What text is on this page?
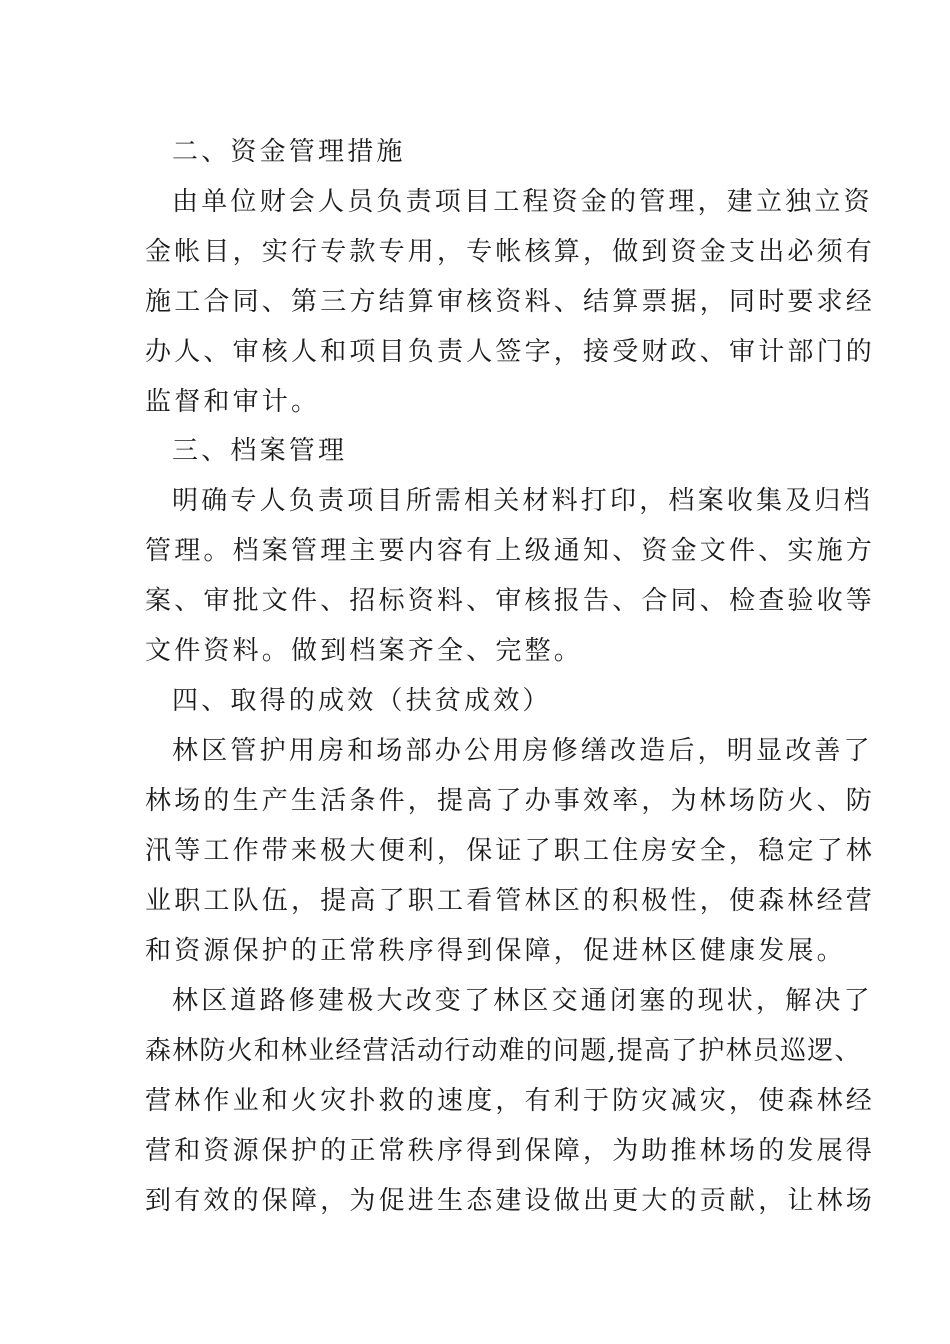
二、资金管理措施
由单位财会人员负责项目工程资金的管理，建立独立资
金帐目，实行专款专用，专帐核算，做到资金支出必须有
施工合同、第三方结算审核资料、结算票据，同时要求经
办人、审核人和项目负责人签字，接受财政、审计部门的
监督和审计。
三、档案管理
明确专人负责项目所需相关材料打印，档案收集及归档
管理。档案管理主要内容有上级通知、资金文件、实施方
案、审批文件、招标资料、审核报告、合同、检查验收等
文件资料。做到档案齐全、完整。
四、取得的成效（扶贫成效）
林区管护用房和场部办公用房修缮改造后，明显改善了
林场的生产生活条件，提高了办事效率，为林场防火、防
汛等工作带来极大便利，保证了职工住房安全，稳定了林
业职工队伍，提高了职工看管林区的积极性，使森林经营
和资源保护的正常秩序得到保障，促进林区健康发展。
林区道路修建极大改变了林区交通闭塞的现状，解决了
森林防火和林业经营活动行动难的问题,提高了护林员巡逻、
营林作业和火灾扑救的速度，有利于防灾减灾，使森林经
营和资源保护的正常秩序得到保障，为助推林场的发展得
到有效的保障，为促进生态建设做出更大的贡献，让林场
